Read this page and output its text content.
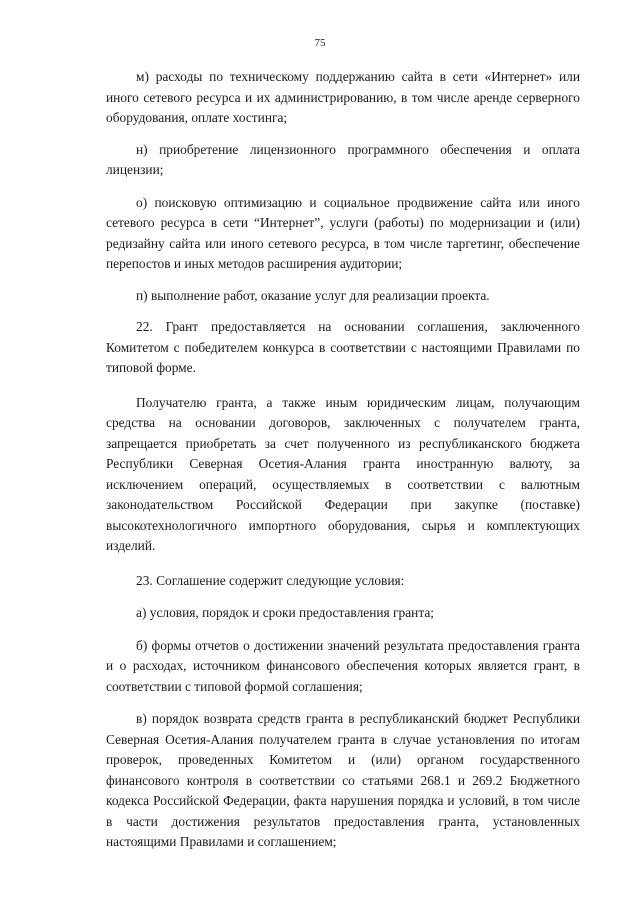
75

м) расходы по техническому поддержанию сайта в сети «Интернет» или иного сетевого ресурса и их администрированию, в том числе аренде серверного оборудования, оплате хостинга;

н) приобретение лицензионного программного обеспечения и оплата лицензии;

о) поисковую оптимизацию и социальное продвижение сайта или иного сетевого ресурса в сети “Интернет”, услуги (работы) по модернизации и (или) редизайну сайта или иного сетевого ресурса, в том числе таргетинг, обеспечение перепостов и иных методов расширения аудитории;

п) выполнение работ, оказание услуг для реализации проекта.

22. Грант предоставляется на основании соглашения, заключенного Комитетом с победителем конкурса в соответствии с настоящими Правилами по типовой форме.

Получателю гранта, а также иным юридическим лицам, получающим средства на основании договоров, заключенных с получателем гранта, запрещается приобретать за счет полученного из республиканского бюджета Республики Северная Осетия-Алания гранта иностранную валюту, за исключением операций, осуществляемых в соответствии с валютным законодательством Российской Федерации при закупке (поставке) высокотехнологичного импортного оборудования, сырья и комплектующих изделий.

23. Соглашение содержит следующие условия:

а) условия, порядок и сроки предоставления гранта;

б) формы отчетов о достижении значений результата предоставления гранта и о расходах, источником финансового обеспечения которых является грант, в соответствии с типовой формой соглашения;

в) порядок возврата средств гранта в республиканский бюджет Республики Северная Осетия-Алания получателем гранта в случае установления по итогам проверок, проведенных Комитетом и (или) органом государственного финансового контроля в соответствии со статьями 268.1 и 269.2 Бюджетного кодекса Российской Федерации, факта нарушения порядка и условий, в том числе в части достижения результатов предоставления гранта, установленных настоящими Правилами и соглашением;
